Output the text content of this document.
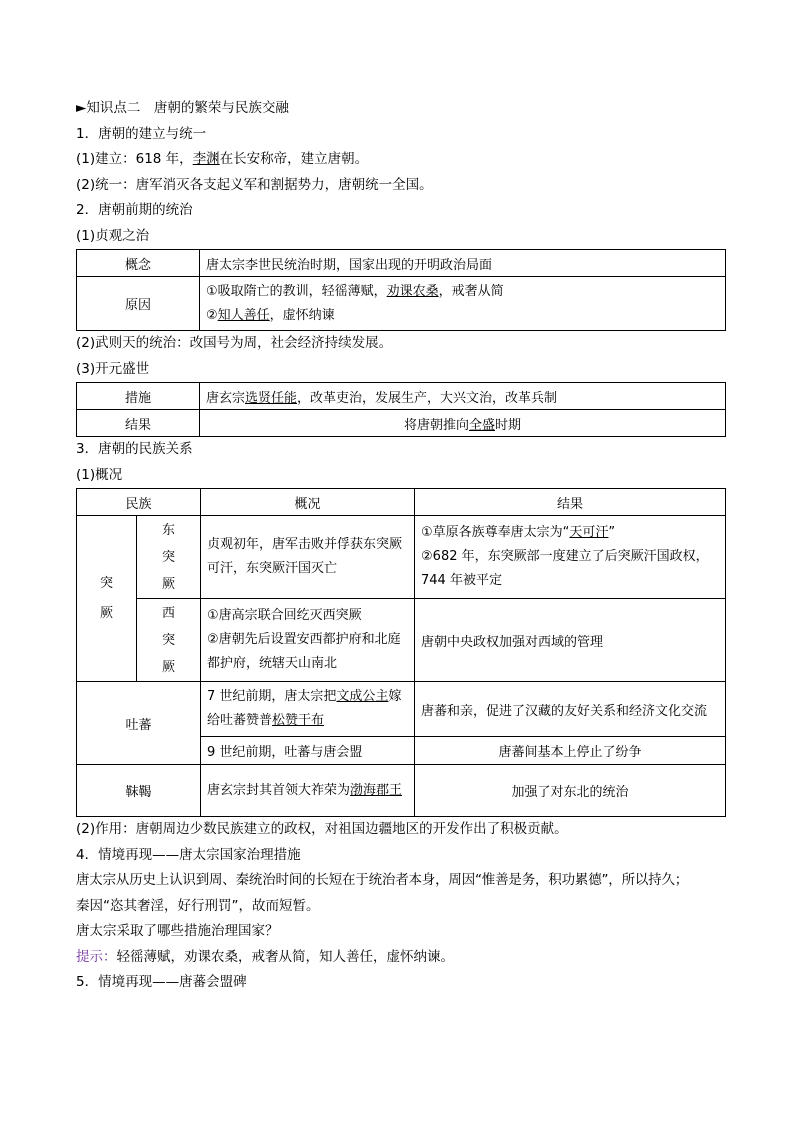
►知识点二　唐朝的繁荣与民族交融
1．唐朝的建立与统一
(1)建立：618 年，李渊在长安称帝，建立唐朝。
(2)统一：唐军消灭各支起义军和割据势力，唐朝统一全国。
2．唐朝前期的统治
(1)贞观之治
概念	唐太宗李世民统治时期，国家出现的开明政治局面
原因	①吸取隋亡的教训，轻徭薄赋，劝课农桑，戒奢从简
②知人善任，虚怀纳谏
(2)武则天的统治：改国号为周，社会经济持续发展。
(3)开元盛世
措施	唐玄宗选贤任能，改革吏治，发展生产，大兴文治，改革兵制
结果	将唐朝推向全盛时期
3．唐朝的民族关系
(1)概况
民族		概况	结果

突厥	东突厥	贞观初年，唐军击败并俘获东突厥可汗，东突厥汗国灭亡	①草原各族尊奉唐太宗为“天可汗”
②682 年，东突厥部一度建立了后突厥汗国政权，744 年被平定

	西突厥	①唐高宗联合回纥灭西突厥
②唐朝先后设置安西都护府和北庭都护府，统辖天山南北	唐朝中央政权加强对西域的管理
吐蕃		7 世纪前期，唐太宗把文成公主嫁给吐蕃赞普松赞干布	唐蕃和亲，促进了汉藏的友好关系和经济文化交流
		9 世纪前期，吐蕃与唐会盟	唐蕃间基本上停止了纷争
靺鞨		唐玄宗封其首领大祚荣为渤海郡王	加强了对东北的统治
(2)作用：唐朝周边少数民族建立的政权，对祖国边疆地区的开发作出了积极贡献。
4．情境再现——唐太宗国家治理措施
唐太宗从历史上认识到周、秦统治时间的长短在于统治者本身，周因“惟善是务，积功累德”，所以持久；
秦因“恣其奢淫，好行刑罚”，故而短暂。
唐太宗采取了哪些措施治理国家？
提示：轻徭薄赋，劝课农桑，戒奢从简，知人善任，虚怀纳谏。
5．情境再现——唐蕃会盟碑
